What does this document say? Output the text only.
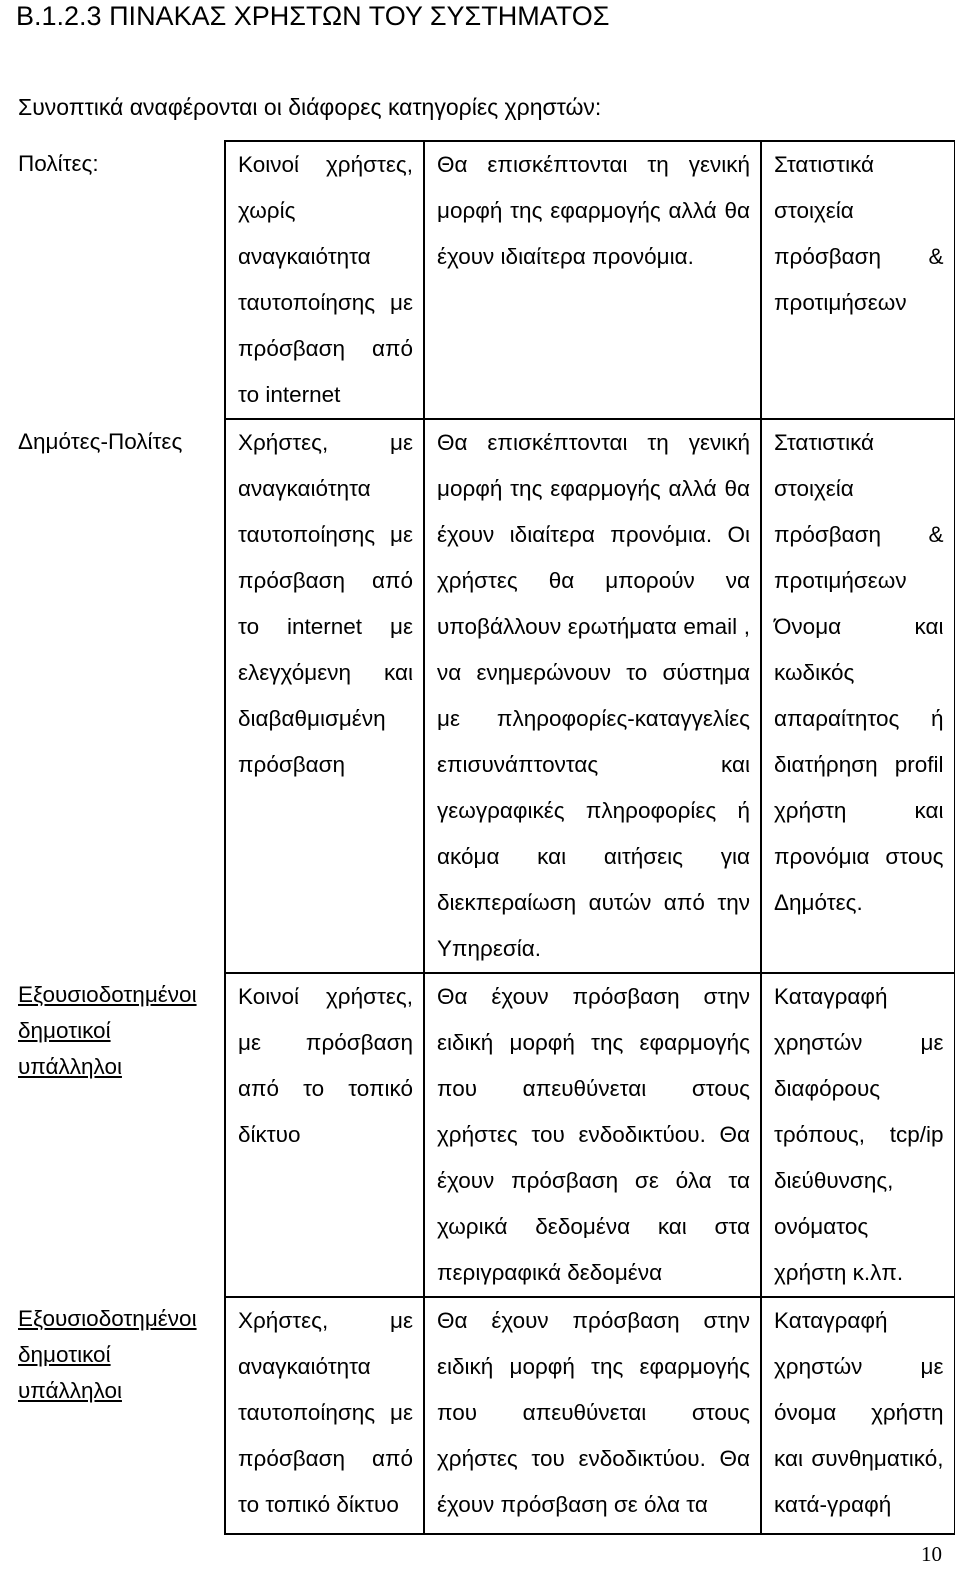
B.1.2.3 ΠΙΝΑΚΑΣ ΧΡΗΣΤΩΝ ΤΟΥ ΣΥΣΤΗΜΑΤΟΣ
Συνοπτικά αναφέρονται οι διάφορες κατηγορίες χρηστών:
Πολίτες:	Κοινοί χρήστες, χωρίς αναγκαιότητα ταυτοποίησης με πρόσβαση από το internet	Θα επισκέπτονται τη γενική μορφή της εφαρμογής αλλά θα έχουν ιδιαίτερα προνόμια.	Στατιστικά στοιχεία πρόσβαση & προτιμήσεων

Δημότες-Πολίτες	Χρήστες, με αναγκαιότητα ταυτοποίησης με πρόσβαση από το internet με ελεγχόμενη και διαβαθμισμένη πρόσβαση	Θα επισκέπτονται τη γενική μορφή της εφαρμογής αλλά θα έχουν ιδιαίτερα προνόμια. Οι χρήστες θα μπορούν να υποβάλλουν ερωτήματα email , να ενημερώνουν το σύστημα με πληροφορίες-καταγγελίες επισυνάπτοντας και γεωγραφικές πληροφορίες ή ακόμα και αιτήσεις για διεκπεραίωση αυτών από την Υπηρεσία.	Στατιστικά στοιχεία πρόσβαση & προτιμήσεων Όνομα και κωδικός απαραίτητος ή διατήρηση profil χρήστη και προνόμια στους Δημότες.

Εξουσιοδοτημένοι δημοτικοί υπάλληλοι	Κοινοί χρήστες, με πρόσβαση από το τοπικό δίκτυο	Θα έχουν πρόσβαση στην ειδική μορφή της εφαρμογής που απευθύνεται στους χρήστες του ενδοδικτύου. Θα έχουν πρόσβαση σε όλα τα χωρικά δεδομένα και στα περιγραφικά δεδομένα	Καταγραφή χρηστών με διαφόρους τρόπους, tcp/ip διεύθυνσης, ονόματος χρήστη κ.λπ.

Εξουσιοδοτημένοι δημοτικοί υπάλληλοι	Χρήστες, με αναγκαιότητα ταυτοποίησης με πρόσβαση από το τοπικό δίκτυο	Θα έχουν πρόσβαση στην ειδική μορφή της εφαρμογής που απευθύνεται στους χρήστες του ενδοδικτύου. Θα έχουν πρόσβαση σε όλα τα	Καταγραφή χρηστών με όνομα χρήστη και συνθηματικό, κατά-γραφή
10
